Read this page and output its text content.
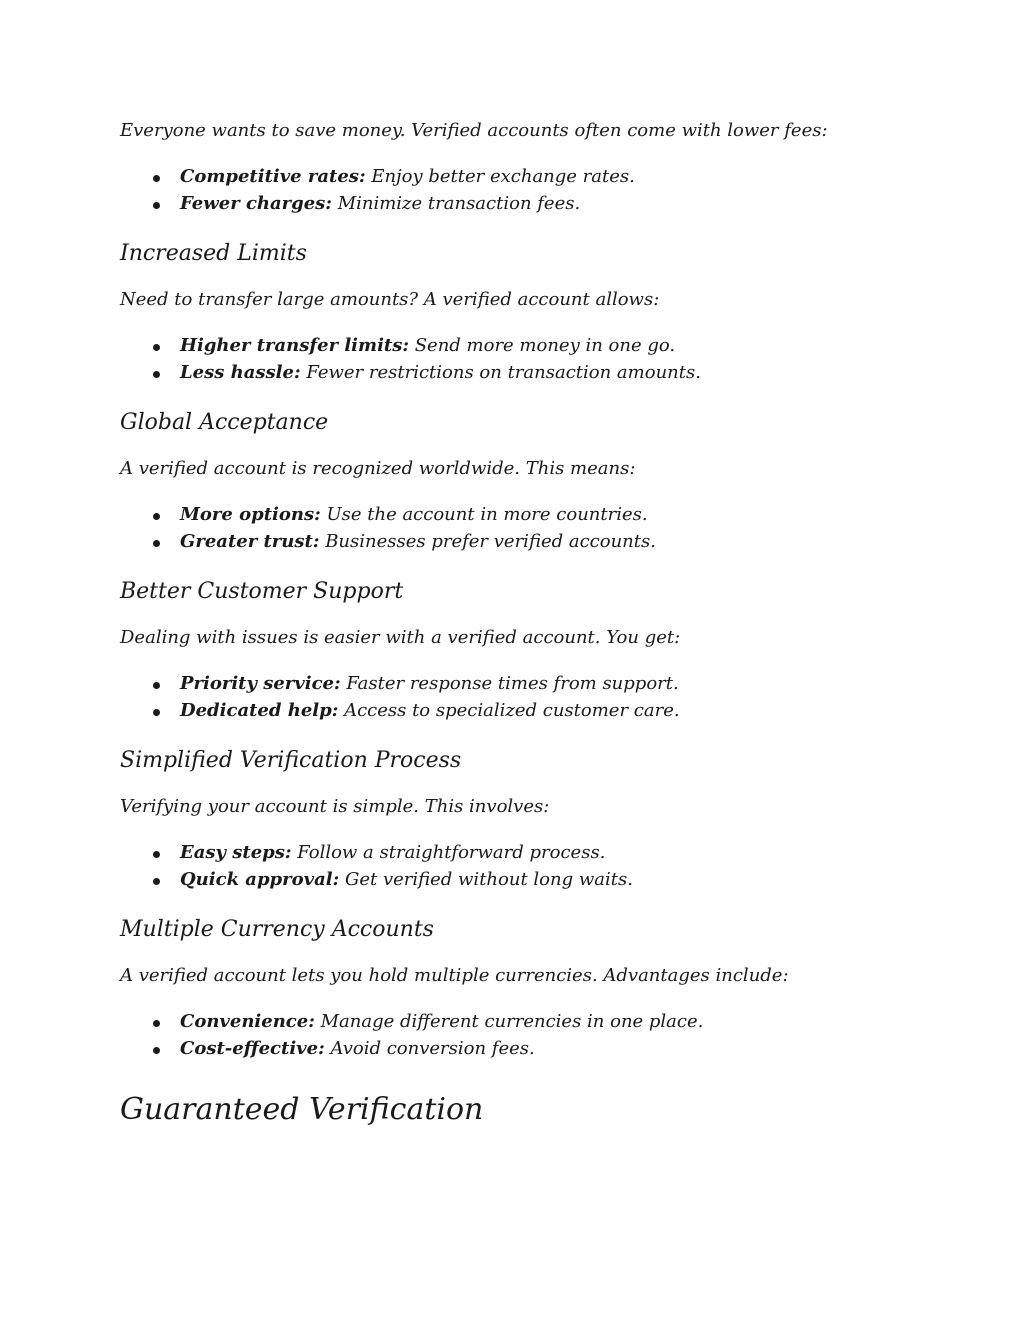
Everyone wants to save money. Verified accounts often come with lower fees:

Competitive rates: Enjoy better exchange rates.
Fewer charges: Minimize transaction fees.
Increased Limits

Need to transfer large amounts? A verified account allows:

Higher transfer limits: Send more money in one go.
Less hassle: Fewer restrictions on transaction amounts.
Global Acceptance

A verified account is recognized worldwide. This means:

More options: Use the account in more countries.
Greater trust: Businesses prefer verified accounts.
Better Customer Support

Dealing with issues is easier with a verified account. You get:

Priority service: Faster response times from support.
Dedicated help: Access to specialized customer care.
Simplified Verification Process

Verifying your account is simple. This involves:

Easy steps: Follow a straightforward process.
Quick approval: Get verified without long waits.
Multiple Currency Accounts

A verified account lets you hold multiple currencies. Advantages include:

Convenience: Manage different currencies in one place.
Cost-effective: Avoid conversion fees.
Guaranteed Verification
